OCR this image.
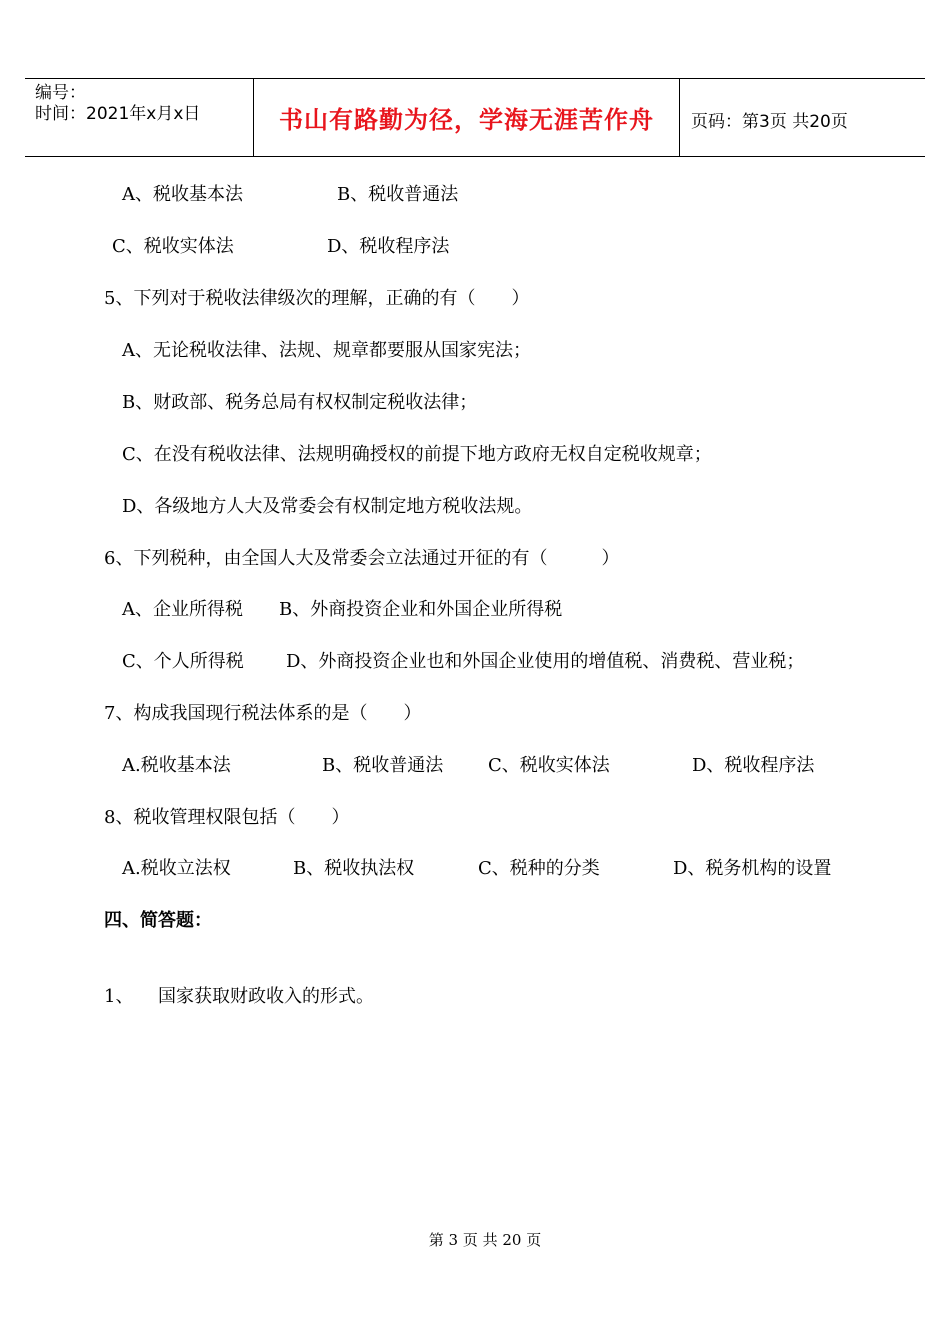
编号：
时间：2021年x月x日	书山有路勤为径，学海无涯苦作舟	页码：第3页 共20页
A、税收基本法	B、税收普通法
C、税收实体法	D、税收程序法
5、下列对于税收法律级次的理解，正确的有（　　）
A、无论税收法律、法规、规章都要服从国家宪法；
B、财政部、税务总局有权权制定税收法律；
C、在没有税收法律、法规明确授权的前提下地方政府无权自定税收规章；
D、各级地方人大及常委会有权制定地方税收法规。
6、下列税种，由全国人大及常委会立法通过开征的有（　　　）
A、企业所得税 B、外商投资企业和外国企业所得税
C、个人所得税 D、外商投资企业也和外国企业使用的增值税、消费税、营业税；
7、构成我国现行税法体系的是（　　）
A.税收基本法	B、税收普通法 C、税收实体法	D、税收程序法
8、税收管理权限包括（　　）
A.税收立法权	B、税收执法权	C、税种的分类	D、税务机构的设置
四、简答题：
1、 国家获取财政收入的形式。
第 3 页 共 20 页
